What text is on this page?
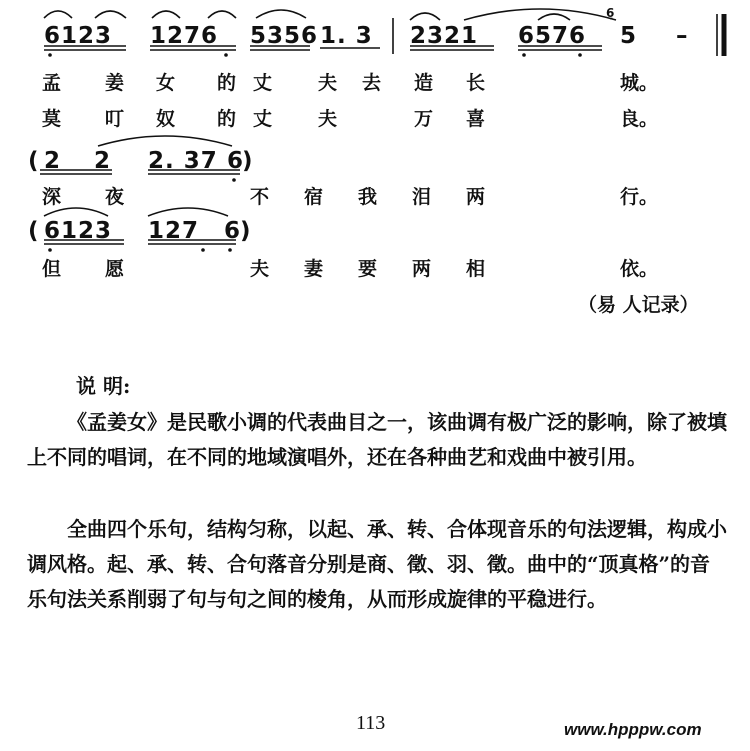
6123 1276 5356 1. 3 2321 6576
6̣
5 –
孟 姜 女 的 丈 夫 去 造 长	城。
莫 叮 奴 的 丈 夫	万 喜	良。
( 2 2 2. 37 6
)
深 夜	不 宿 我 泪 两	行。
( 6123 127 6
)
但 愿	夫 妻 要 两 相	依。
（易 人记录）
说 明:

《孟姜女》是民歌小调的代表曲目之一，该曲调有极广泛的影响，除了被填上不同的唱词，在不同的地域演唱外，还在各种曲艺和戏曲中被引用。

全曲四个乐句，结构匀称，以起、承、转、合体现音乐的句法逻辑，构成小调风格。起、承、转、合句落音分别是商、徵、羽、徵。曲中的“顶真格”的音乐句法关系削弱了句与句之间的棱角，从而形成旋律的平稳进行。

113	www.hpppw.com
